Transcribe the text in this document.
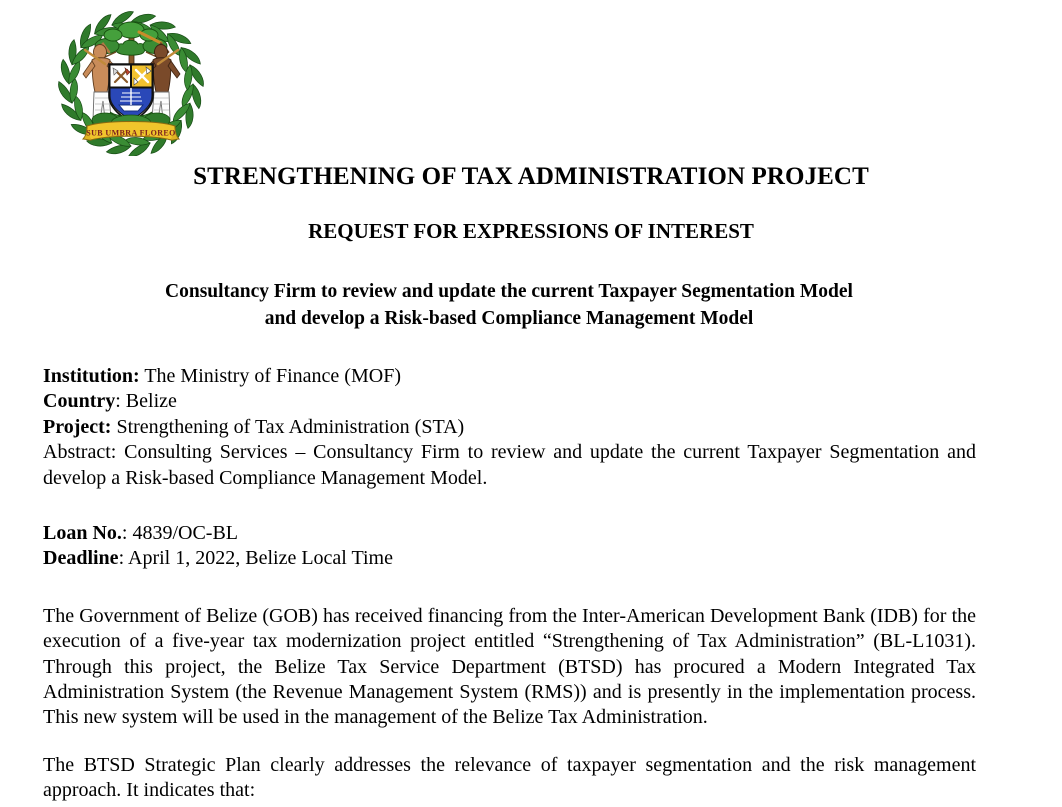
SUB UMBRA FLOREO
STRENGTHENING OF TAX ADMINISTRATION PROJECT
REQUEST FOR EXPRESSIONS OF INTEREST
Consultancy Firm to review and update the current Taxpayer Segmentation Model
and develop a Risk-based Compliance Management Model
Institution: The Ministry of Finance (MOF)
Country: Belize
Project: Strengthening of Tax Administration (STA)
Abstract: Consulting Services – Consultancy Firm to review and update the current Taxpayer Segmentation and develop a Risk-based Compliance Management Model.
Loan No.: 4839/OC-BL
Deadline: April 1, 2022, Belize Local Time

The Government of Belize (GOB) has received financing from the Inter-American Development Bank (IDB) for the execution of a five-year tax modernization project entitled “Strengthening of Tax Administration” (BL-L1031). Through this project, the Belize Tax Service Department (BTSD) has procured a Modern Integrated Tax Administration System (the Revenue Management System (RMS)) and is presently in the implementation process. This new system will be used in the management of the Belize Tax Administration.

The BTSD Strategic Plan clearly addresses the relevance of taxpayer segmentation and the risk management approach. It indicates that:
